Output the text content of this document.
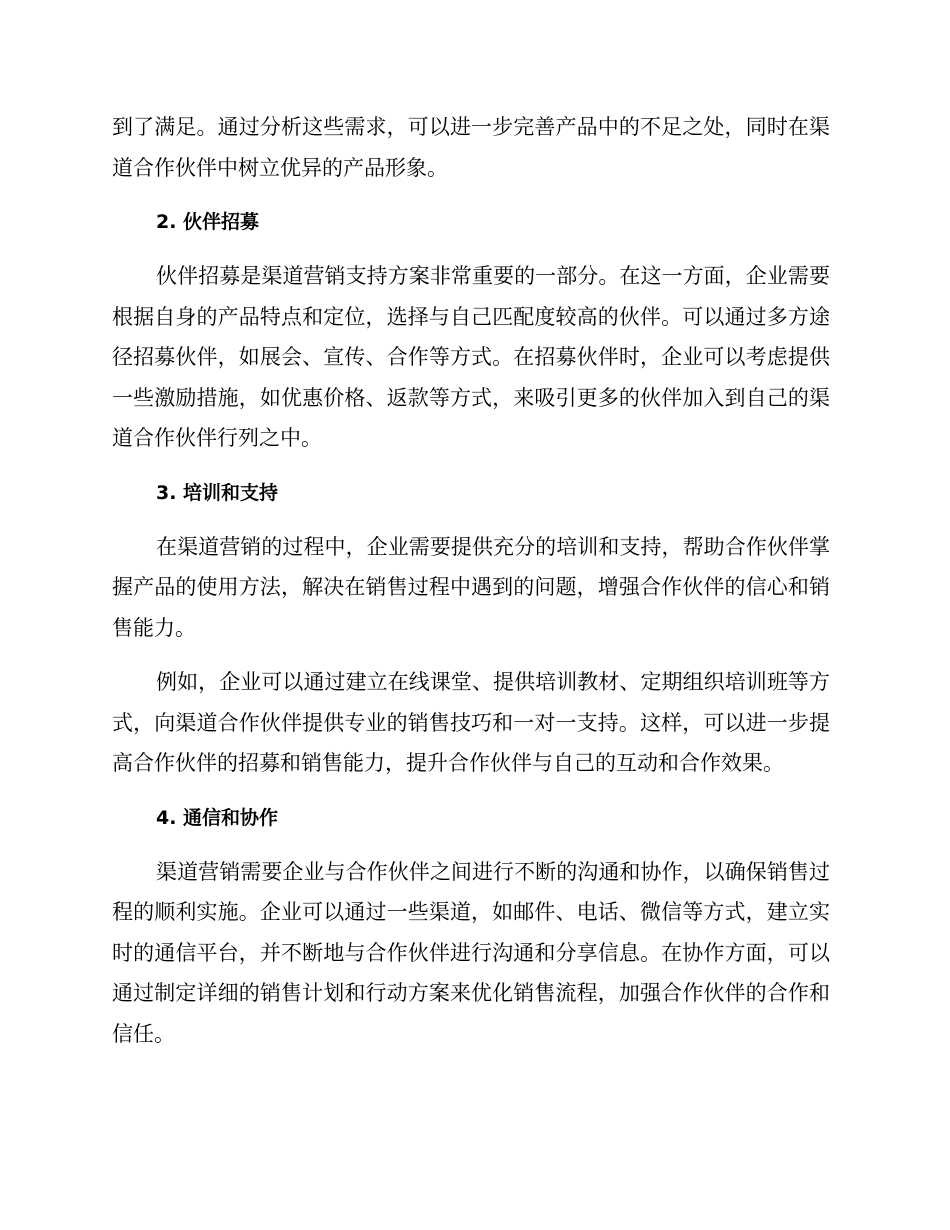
到了满足。通过分析这些需求，可以进一步完善产品中的不足之处，同时在渠道合作伙伴中树立优异的产品形象。

2. 伙伴招募

伙伴招募是渠道营销支持方案非常重要的一部分。在这一方面，企业需要根据自身的产品特点和定位，选择与自己匹配度较高的伙伴。可以通过多方途径招募伙伴，如展会、宣传、合作等方式。在招募伙伴时，企业可以考虑提供一些激励措施，如优惠价格、返款等方式，来吸引更多的伙伴加入到自己的渠道合作伙伴行列之中。

3. 培训和支持

在渠道营销的过程中，企业需要提供充分的培训和支持，帮助合作伙伴掌握产品的使用方法，解决在销售过程中遇到的问题，增强合作伙伴的信心和销售能力。

例如，企业可以通过建立在线课堂、提供培训教材、定期组织培训班等方式，向渠道合作伙伴提供专业的销售技巧和一对一支持。这样，可以进一步提高合作伙伴的招募和销售能力，提升合作伙伴与自己的互动和合作效果。

4. 通信和协作

渠道营销需要企业与合作伙伴之间进行不断的沟通和协作，以确保销售过程的顺利实施。企业可以通过一些渠道，如邮件、电话、微信等方式，建立实时的通信平台，并不断地与合作伙伴进行沟通和分享信息。在协作方面，可以通过制定详细的销售计划和行动方案来优化销售流程，加强合作伙伴的合作和信任。
